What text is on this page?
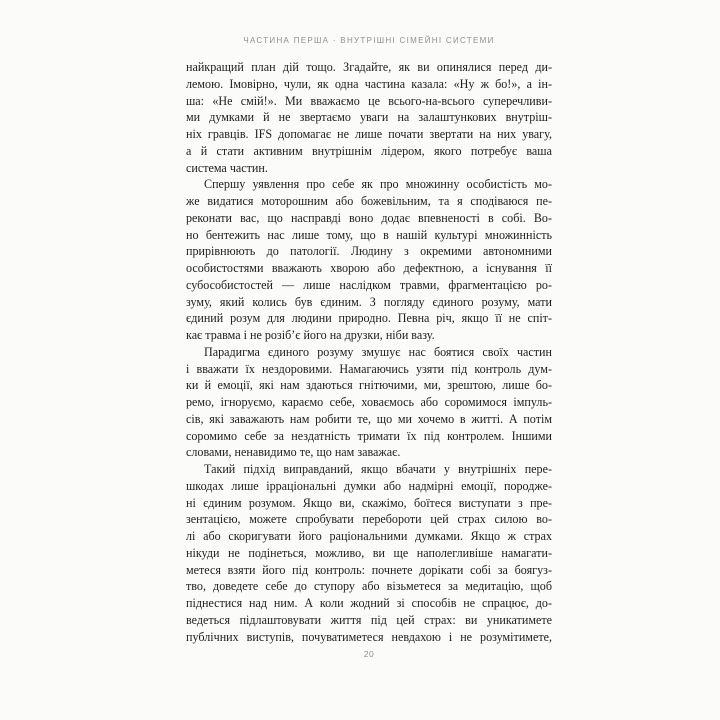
ЧАСТИНА ПЕРША · ВНУТРІШНІ СІМЕЙНІ СИСТЕМИ
найкращий план дій тощо. Згадайте, як ви опинялися перед ди-
лемою. Імовірно, чули, як одна частина казала: «Ну ж бо!», а ін-
ша: «Не смій!». Ми вважаємо це всього-на-всього суперечливи-
ми думками й не звертаємо уваги на залаштункових внутріш-
ніх гравців. IFS допомагає не лише почати звертати на них увагу,
а й стати активним внутрішнім лідером, якого потребує ваша
система частин.
Спершу уявлення про себе як про множинну особистість мо-
же видатися моторошним або божевільним, та я сподіваюся пе-
реконати вас, що насправді воно додає впевненості в собі. Во-
но бентежить нас лише тому, що в нашій культурі множинність
прирівнюють до патології. Людину з окремими автономними
особистостями вважають хворою або дефектною, а існування її
субособистостей — лише наслідком травми, фрагментацією ро-
зуму, який колись був єдиним. З погляду єдиного розуму, мати
єдиний розум для людини природно. Певна річ, якщо її не спіт-
кає травма і не розіб’є його на друзки, ніби вазу.
Парадигма єдиного розуму змушує нас боятися своїх частин
і вважати їх нездоровими. Намагаючись узяти під контроль дум-
ки й емоції, які нам здаються гнітючими, ми, зрештою, лише бо-
ремо, ігноруємо, караємо себе, ховаємось або соромимося імпуль-
сів, які заважають нам робити те, що ми хочемо в житті. А потім
соромимо себе за нездатність тримати їх під контролем. Іншими
словами, ненавидимо те, що нам заважає.
Такий підхід виправданий, якщо вбачати у внутрішніх пере-
шкодах лише ірраціональні думки або надмірні емоції, породже-
ні єдиним розумом. Якщо ви, скажімо, боїтеся виступати з пре-
зентацією, можете спробувати перебороти цей страх силою во-
лі або скоригувати його раціональними думками. Якщо ж страх
нікуди не подінеться, можливо, ви ще наполегливіше намагати-
метеся взяти його під контроль: почнете дорікати собі за боягуз-
тво, доведете себе до ступору або візьметеся за медитацію, щоб
піднестися над ним. А коли жодний зі способів не спрацює, до-
ведеться підлаштовувати життя під цей страх: ви уникатимете
публічних виступів, почуватиметеся невдахою і не розумітимете,
20
